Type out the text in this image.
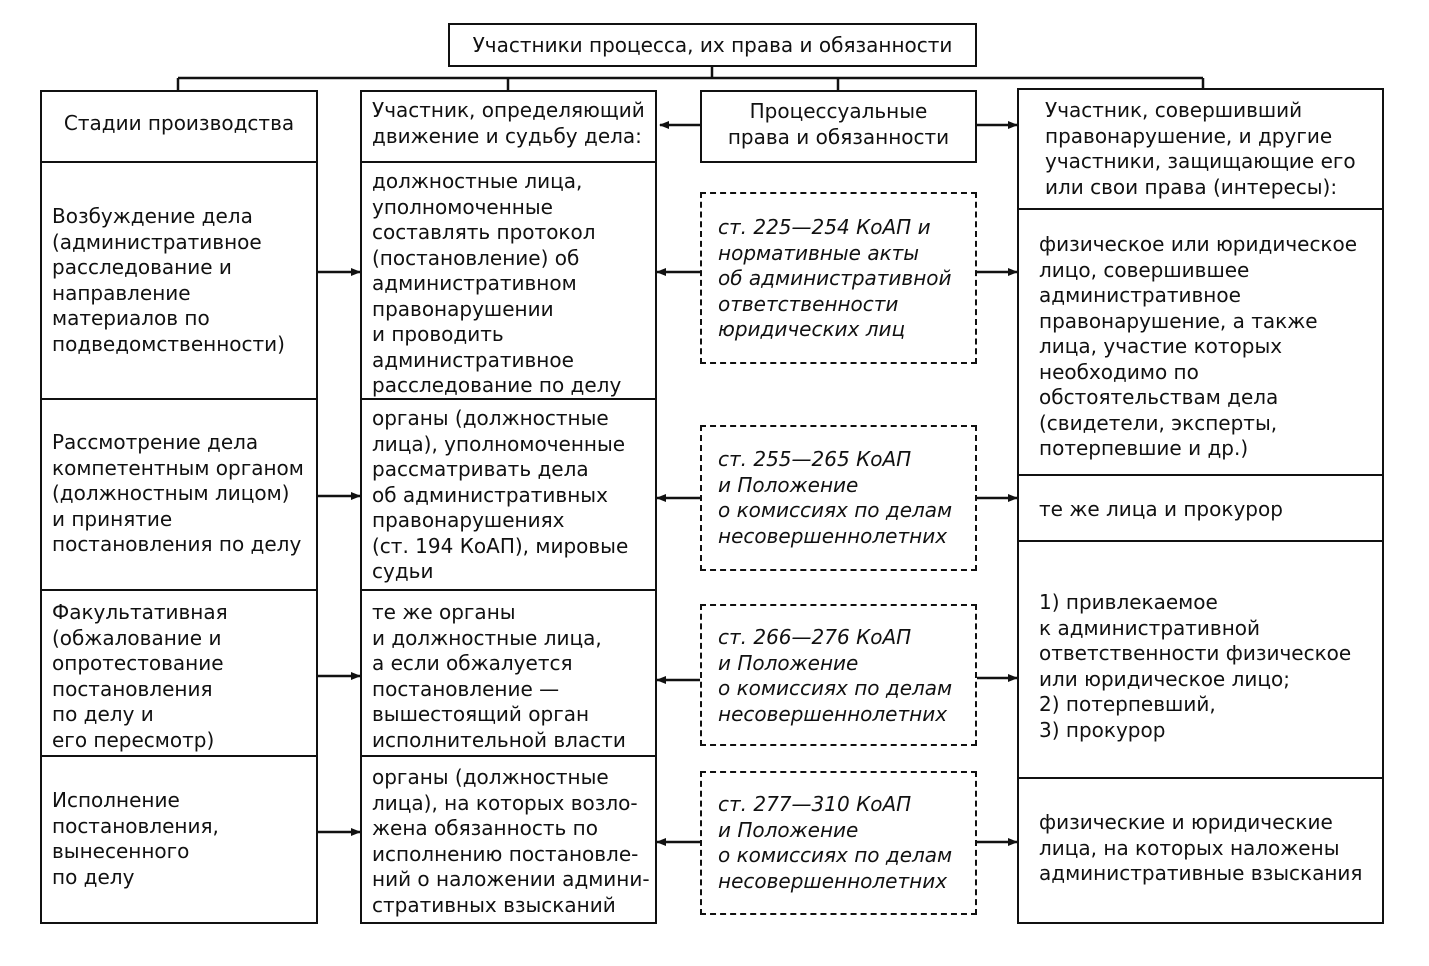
Участники процесса, их права и обязанности
Стадии производства
Участник, определяющий
движение и судьбу дела:
Процессуальные
права и обязанности
Участник, совершивший
правонарушение, и другие
участники, защищающие его
или свои права (интересы):
Возбуждение дела
(административное
расследование и
направление
материалов по
подведомственности)
Рассмотрение дела
компетентным органом
(должностным лицом)
и принятие
постановления по делу
Факультативная
(обжалование и
опротестование
постановления
по делу и
его пересмотр)
Исполнение
постановления,
вынесенного
по делу
должностные лица,
уполномоченные
составлять протокол
(постановление) об
административном
правонарушении
и проводить
административное
расследование по делу
органы (должностные
лица), уполномоченные
рассматривать дела
об административных
правонарушениях
(ст. 194 КоАП), мировые
судьи
те же органы
и должностные лица,
а если обжалуется
постановление —
вышестоящий орган
исполнительной власти
органы (должностные
лица), на которых возло-
жена обязанность по
исполнению постановле-
ний о наложении админи-
стративных взысканий
ст. 225—254 КоАП и
нормативные акты
об административной
ответственности
юридических лиц
ст. 255—265 КоАП
и Положение
о комиссиях по делам
несовершеннолетних
ст. 266—276 КоАП
и Положение
о комиссиях по делам
несовершеннолетних
ст. 277—310 КоАП
и Положение
о комиссиях по делам
несовершеннолетних
физическое или юридическое
лицо, совершившее
административное
правонарушение, а также
лица, участие которых
необходимо по
обстоятельствам дела
(свидетели, эксперты,
потерпевшие и др.)
те же лица и прокурор
1) привлекаемое
к административной
ответственности физическое
или юридическое лицо;
2) потерпевший,
3) прокурор
физические и юридические
лица, на которых наложены
административные взыскания
